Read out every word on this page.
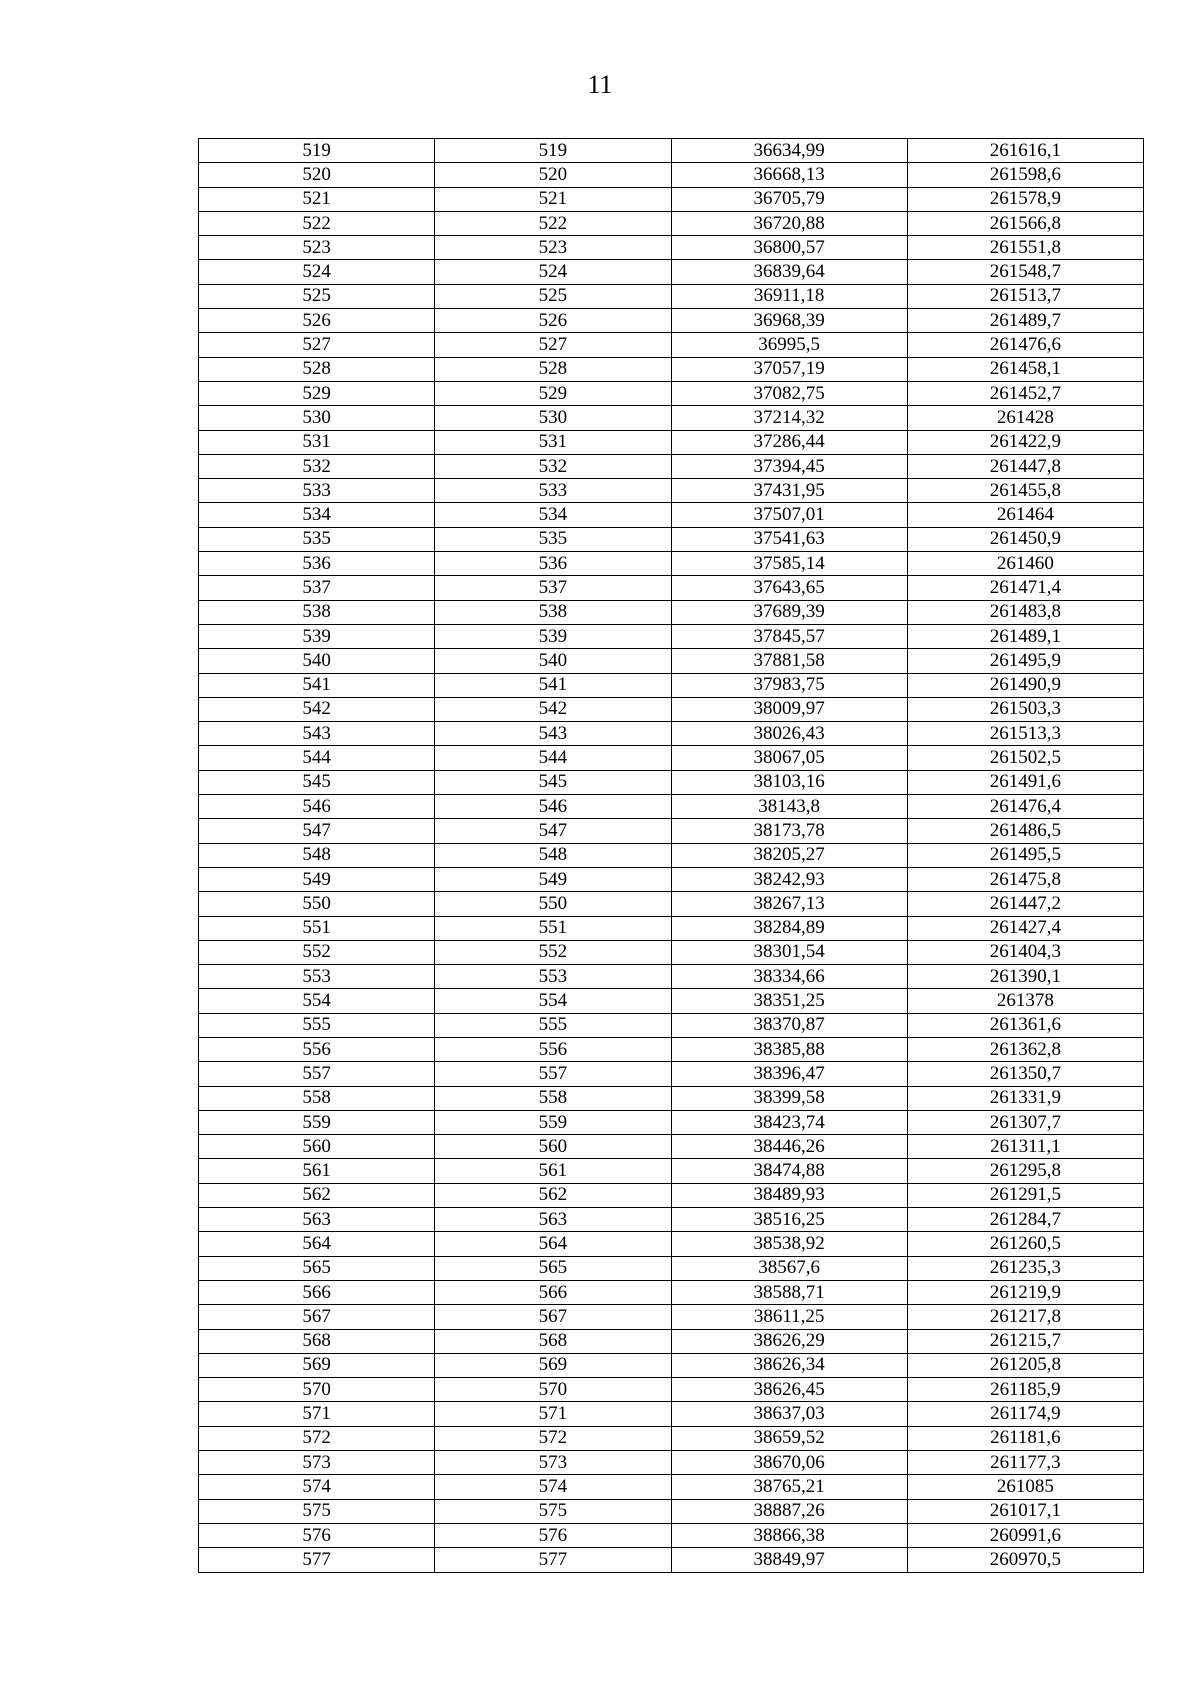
11
519	519	36634,99	261616,1
520	520	36668,13	261598,6
521	521	36705,79	261578,9
522	522	36720,88	261566,8
523	523	36800,57	261551,8
524	524	36839,64	261548,7
525	525	36911,18	261513,7
526	526	36968,39	261489,7
527	527	36995,5	261476,6
528	528	37057,19	261458,1
529	529	37082,75	261452,7
530	530	37214,32	261428
531	531	37286,44	261422,9
532	532	37394,45	261447,8
533	533	37431,95	261455,8
534	534	37507,01	261464
535	535	37541,63	261450,9
536	536	37585,14	261460
537	537	37643,65	261471,4
538	538	37689,39	261483,8
539	539	37845,57	261489,1
540	540	37881,58	261495,9
541	541	37983,75	261490,9
542	542	38009,97	261503,3
543	543	38026,43	261513,3
544	544	38067,05	261502,5
545	545	38103,16	261491,6
546	546	38143,8	261476,4
547	547	38173,78	261486,5
548	548	38205,27	261495,5
549	549	38242,93	261475,8
550	550	38267,13	261447,2
551	551	38284,89	261427,4
552	552	38301,54	261404,3
553	553	38334,66	261390,1
554	554	38351,25	261378
555	555	38370,87	261361,6
556	556	38385,88	261362,8
557	557	38396,47	261350,7
558	558	38399,58	261331,9
559	559	38423,74	261307,7
560	560	38446,26	261311,1
561	561	38474,88	261295,8
562	562	38489,93	261291,5
563	563	38516,25	261284,7
564	564	38538,92	261260,5
565	565	38567,6	261235,3
566	566	38588,71	261219,9
567	567	38611,25	261217,8
568	568	38626,29	261215,7
569	569	38626,34	261205,8
570	570	38626,45	261185,9
571	571	38637,03	261174,9
572	572	38659,52	261181,6
573	573	38670,06	261177,3
574	574	38765,21	261085
575	575	38887,26	261017,1
576	576	38866,38	260991,6
577	577	38849,97	260970,5
